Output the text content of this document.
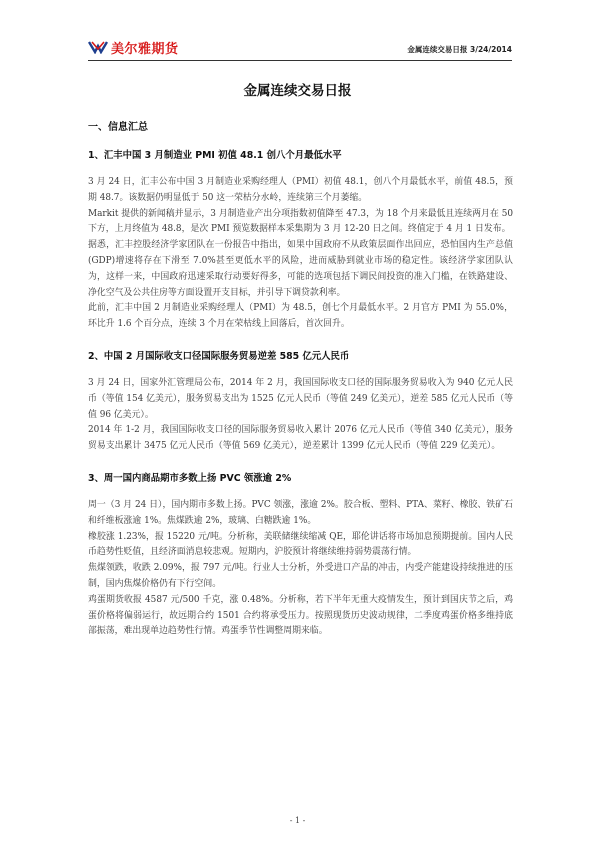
美尔雅期货	金属连续交易日报 3/24/2014
金属连续交易日报
一、信息汇总
1、汇丰中国 3 月制造业 PMI 初值 48.1 创八个月最低水平

3 月 24 日，汇丰公布中国 3 月制造业采购经理人（PMI）初值 48.1，创八个月最低水平，前值 48.5，预期 48.7。该数据仍明显低于 50 这一荣枯分水岭，连续第三个月萎缩。

Markit 提供的新闻稿并显示，3 月制造业产出分项指数初值降至 47.3，为 18 个月来最低且连续两月在 50 下方，上月终值为 48.8，是次 PMI 预览数据样本采集期为 3 月 12-20 日之间。终值定于 4 月 1 日发布。

据悉，汇丰控股经济学家团队在一份报告中指出，如果中国政府不从政策层面作出回应，恐怕国内生产总值(GDP)增速将存在下滑至 7.0%甚至更低水平的风险，进而威胁到就业市场的稳定性。该经济学家团队认为，这样一来，中国政府迅速采取行动要好得多，可能的选项包括下调民间投资的准入门槛，在铁路建设、净化空气及公共住房等方面设置开支目标，并引导下调贷款利率。

此前，汇丰中国 2 月制造业采购经理人（PMI）为 48.5，创七个月最低水平。2 月官方 PMI 为 55.0%，环比升 1.6 个百分点，连续 3 个月在荣枯线上回落后，首次回升。

2、中国 2 月国际收支口径国际服务贸易逆差 585 亿元人民币

3 月 24 日，国家外汇管理局公布，2014 年 2 月，我国国际收支口径的国际服务贸易收入为 940 亿元人民币（等值 154 亿美元），服务贸易支出为 1525 亿元人民币（等值 249 亿美元），逆差 585 亿元人民币（等值 96 亿美元）。

2014 年 1-2 月，我国国际收支口径的国际服务贸易收入累计 2076 亿元人民币（等值 340 亿美元），服务贸易支出累计 3475 亿元人民币（等值 569 亿美元），逆差累计 1399 亿元人民币（等值 229 亿美元）。

3、周一国内商品期市多数上扬 PVC 领涨逾 2%

周一（3 月 24 日），国内期市多数上扬。PVC 领涨，涨逾 2%。胶合板、塑料、PTA、菜籽、橡胶、铁矿石和纤维板涨逾 1%。焦煤跌逾 2%，玻璃、白糖跌逾 1%。

橡胶涨 1.23%，报 15220 元/吨。分析称，美联储继续缩减 QE，耶伦讲话将市场加息预期提前。国内人民币趋势性贬值，且经济面消息较悲观。短期内，沪胶预计将继续维持弱势震荡行情。

焦煤领跌，收跌 2.09%，报 797 元/吨。行业人士分析，外受进口产品的冲击，内受产能建设持续推进的压制，国内焦煤价格仍有下行空间。

鸡蛋期货收报 4587 元/500 千克，涨 0.48%。分析称，若下半年无重大疫情发生，预计到国庆节之后，鸡蛋价格将偏弱运行，故远期合约 1501 合约将承受压力。按照现货历史波动规律，二季度鸡蛋价格多维持底部振荡，难出现单边趋势性行情。鸡蛋季节性调整周期来临。

- 1 -
